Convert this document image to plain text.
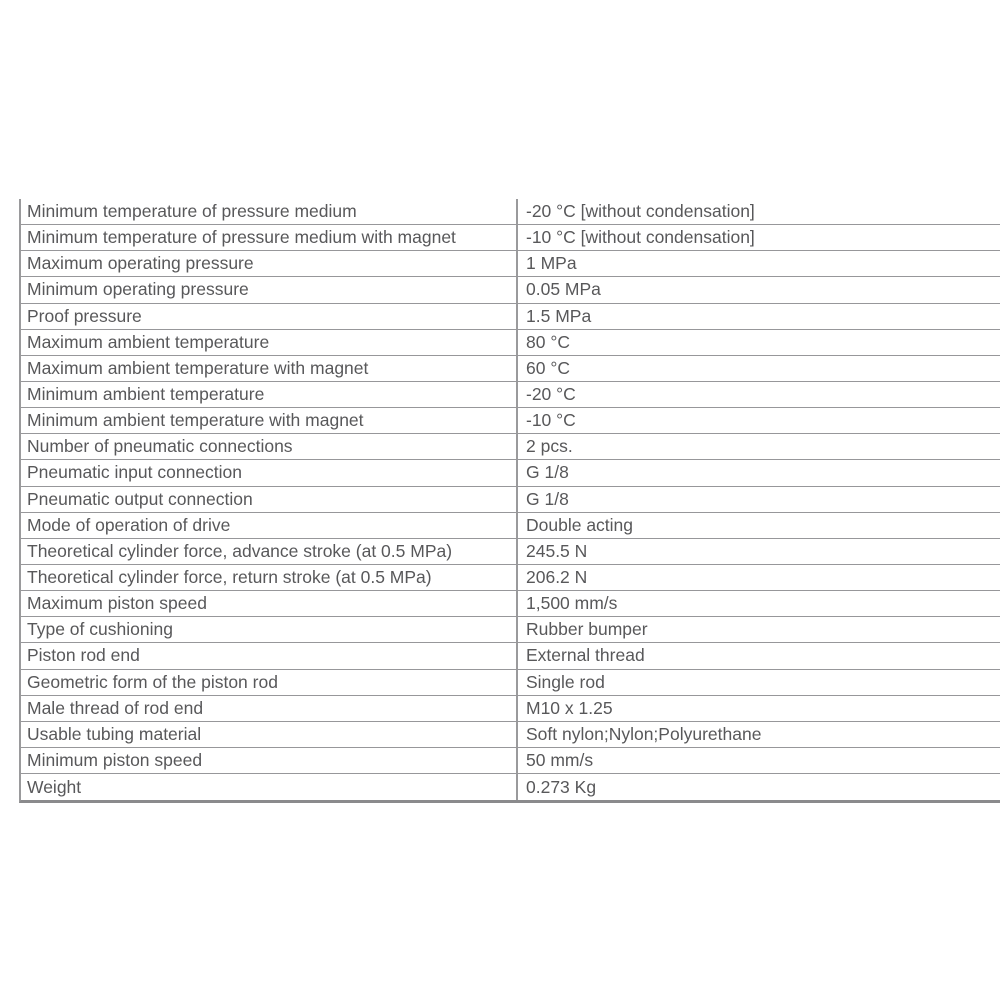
Minimum temperature of pressure medium	-20 °C [without condensation]
Minimum temperature of pressure medium with magnet	-10 °C [without condensation]
Maximum operating pressure	1 MPa
Minimum operating pressure	0.05 MPa
Proof pressure	1.5 MPa
Maximum ambient temperature	80 °C
Maximum ambient temperature with magnet	60 °C
Minimum ambient temperature	-20 °C
Minimum ambient temperature with magnet	-10 °C
Number of pneumatic connections	2 pcs.
Pneumatic input connection	G 1/8
Pneumatic output connection	G 1/8
Mode of operation of drive	Double acting
Theoretical cylinder force, advance stroke (at 0.5 MPa)	245.5 N
Theoretical cylinder force, return stroke (at 0.5 MPa)	206.2 N
Maximum piston speed	1,500 mm/s
Type of cushioning	Rubber bumper
Piston rod end	External thread
Geometric form of the piston rod	Single rod
Male thread of rod end	M10 x 1.25
Usable tubing material	Soft nylon;Nylon;Polyurethane
Minimum piston speed	50 mm/s
Weight	0.273 Kg
